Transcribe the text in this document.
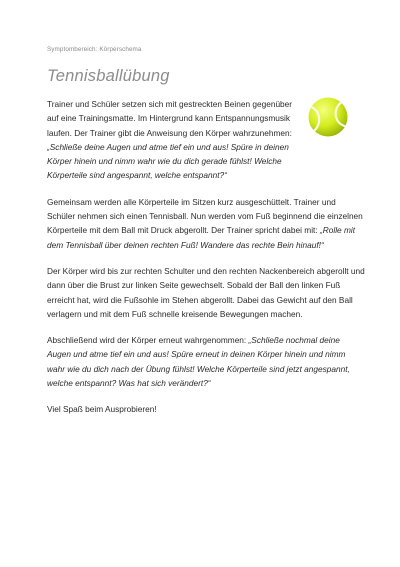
Symptombereich: Körperschema
Tennisballübung

Trainer und Schüler setzen sich mit gestreckten Beinen gegenüber auf eine Trainingsmatte. Im Hintergrund kann Entspannungsmusik laufen. Der Trainer gibt die Anweisung den Körper wahrzunehmen: „Schließe deine Augen und atme tief ein und aus! Spüre in deinen Körper hinein und nimm wahr wie du dich gerade fühlst! Welche Körperteile sind angespannt, welche entspannt?“

Gemeinsam werden alle Körperteile im Sitzen kurz ausgeschüttelt. Trainer und Schüler nehmen sich einen Tennisball. Nun werden vom Fuß beginnend die einzelnen Körperteile mit dem Ball mit Druck abgerollt. Der Trainer spricht dabei mit: „Rolle mit dem Tennisball über deinen rechten Fuß! Wandere das rechte Bein hinauf!“

Der Körper wird bis zur rechten Schulter und den rechten Nackenbereich abgerollt und dann über die Brust zur linken Seite gewechselt. Sobald der Ball den linken Fuß erreicht hat, wird die Fußsohle im Stehen abgerollt. Dabei das Gewicht auf den Ball verlagern und mit dem Fuß schnelle kreisende Bewegungen machen.

Abschließend wird der Körper erneut wahrgenommen: „Schließe nochmal deine Augen und atme tief ein und aus! Spüre erneut in deinen Körper hinein und nimm wahr wie du dich nach der Übung fühlst! Welche Körperteile sind jetzt angespannt, welche entspannt? Was hat sich verändert?“

Viel Spaß beim Ausprobieren!
